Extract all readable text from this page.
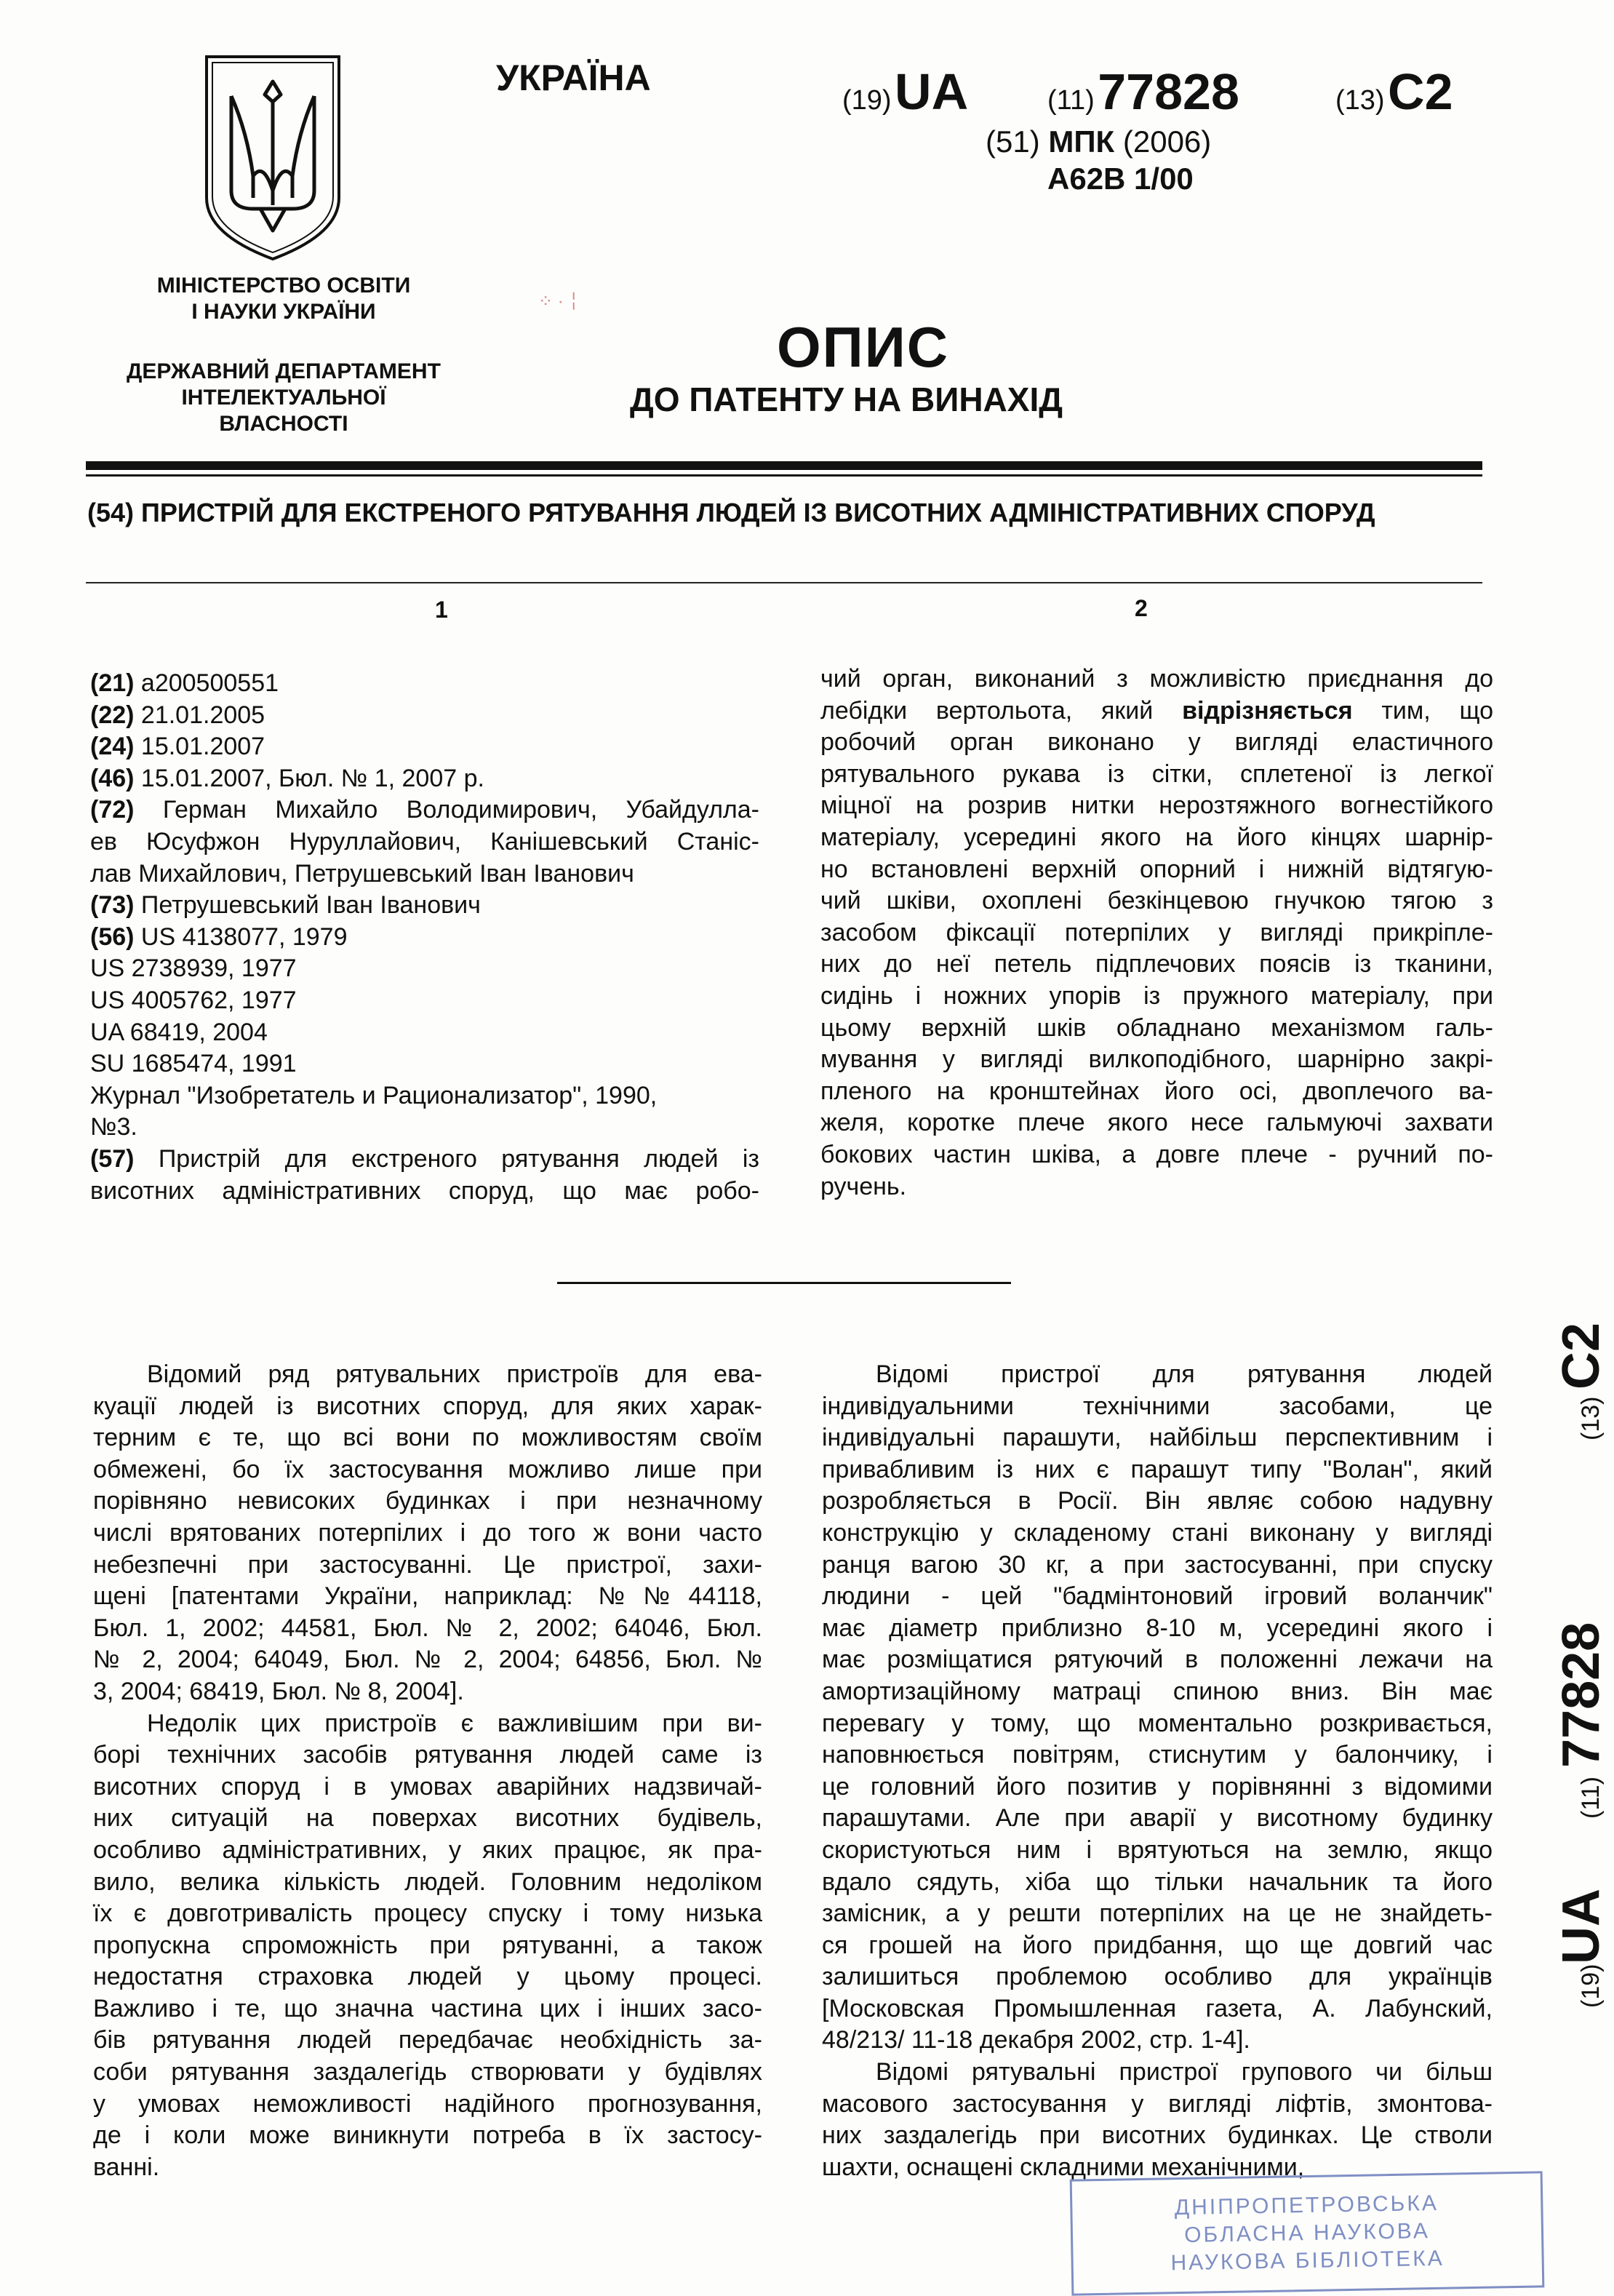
МІНІСТЕРСТВО ОСВІТИ
І НАУКИ УКРАЇНИ
ДЕРЖАВНИЙ ДЕПАРТАМЕНТ
ІНТЕЛЕКТУАЛЬНОЇ
ВЛАСНОСТІ
⁘ · ╎
УКРАЇНА
(19) UA	(11) 77828	(13) C2
(51) МПК (2006)
A62B 1/00
ОПИС
ДО ПАТЕНТУ НА ВИНАХІД
(54) ПРИСТРІЙ ДЛЯ ЕКСТРЕНОГО РЯТУВАННЯ ЛЮДЕЙ ІЗ ВИСОТНИХ АДМІНІСТРАТИВНИХ СПОРУД
1	2
(21) a200500551
(22) 21.01.2005
(24) 15.01.2007
(46) 15.01.2007, Бюл. № 1, 2007 р.
(72) Герман Михайло Володимирович, Убайдулла-
ев Юсуфжон Нуруллайович, Канішевський Станіс-
лав Михайлович, Петрушевський Іван Іванович
(73) Петрушевський Іван Іванович
(56) US 4138077, 1979
US 2738939, 1977
US 4005762, 1977
UA 68419, 2004
SU 1685474, 1991
Журнал "Изобретатель и Рационализатор", 1990,
№3.
(57) Пристрій для екстреного рятування людей із
висотних адміністративних споруд, що має робо-
чий орган, виконаний з можливістю приєднання до
лебідки вертольота, який відрізняється тим, що
робочий орган виконано у вигляді еластичного
рятувального рукава із сітки, сплетеної із легкої
міцної на розрив нитки нерозтяжного вогнестійкого
матеріалу, усередині якого на його кінцях шарнір-
но встановлені верхній опорний і нижній відтягую-
чий шківи, охоплені безкінцевою гнучкою тягою з
засобом фіксації потерпілих у вигляді прикріпле-
них до неї петель підплечових поясів із тканини,
сидінь і ножних упорів із пружного матеріалу, при
цьому верхній шків обладнано механізмом галь-
мування у вигляді вилкоподібного, шарнірно закрі-
пленого на кронштейнах його осі, двоплечого ва-
желя, коротке плече якого несе гальмуючі захвати
бокових частин шківа, а довге плече - ручний по-
ручень.
Відомий ряд рятувальних пристроїв для ева-
куації людей із висотних споруд, для яких харак-
терним є те, що всі вони по можливостям своїм
обмежені, бо їх застосування можливо лише при
порівняно невисоких будинках і при незначному
числі врятованих потерпілих і до того ж вони часто
небезпечні при застосуванні. Це пристрої, захи-
щені [патентами України, наприклад: №№44118,
Бюл. 1, 2002; 44581, Бюл. № 2, 2002; 64046, Бюл.
№ 2, 2004; 64049, Бюл. № 2, 2004; 64856, Бюл. №
3, 2004; 68419, Бюл. № 8, 2004].
Недолік цих пристроїв є важливішим при ви-
борі технічних засобів рятування людей саме із
висотних споруд і в умовах аварійних надзвичай-
них ситуацій на поверхах висотних будівель,
особливо адміністративних, у яких працює, як пра-
вило, велика кількість людей. Головним недоліком
їх є довготривалість процесу спуску і тому низька
пропускна спроможність при рятуванні, а також
недостатня страховка людей у цьому процесі.
Важливо і те, що значна частина цих і інших засо-
бів рятування людей передбачає необхідність за-
соби рятування заздалегідь створювати у будівлях
у умовах неможливості надійного прогнозування,
де і коли може виникнути потреба в їх застосу-
ванні.
Відомі пристрої для рятування людей
індивідуальними технічними засобами, це
індивідуальні парашути, найбільш перспективним і
привабливим із них є парашут типу "Волан", який
розробляється в Росії. Він являє собою надувну
конструкцію у складеному стані виконану у вигляді
ранця вагою 30 кг, а при застосуванні, при спуску
людини - цей "бадмінтоновий ігровий воланчик"
має діаметр приблизно 8-10 м, усередині якого і
має розміщатися рятуючий в положенні лежачи на
амортизаційному матраці спиною вниз. Він має
перевагу у тому, що моментально розкривається,
наповнюється повітрям, стиснутим у балончику, і
це головний його позитив у порівнянні з відомими
парашутами. Але при аварії у висотному будинку
скористуються ним і врятуються на землю, якщо
вдало сядуть, хіба що тільки начальник та його
замісник, а у решти потерпілих на це не знайдеть-
ся грошей на його придбання, що ще довгий час
залишиться проблемою особливо для українців
[Московская Промышленная газета, А. Лабунский,
48/213/ 11-18 декабря 2002, стр. 1-4].
Відомі рятувальні пристрої групового чи більш
масового застосування у вигляді ліфтів, змонтова-
них заздалегідь при висотних будинках. Це стволи
шахти, оснащені складними механічними,
(19)
UA
(11)
77828
(13)
C2
ДНІПРОПЕТРОВСЬКА
ОБЛАСНА НАУКОВА
НАУКОВА БІБЛІОТЕКА
